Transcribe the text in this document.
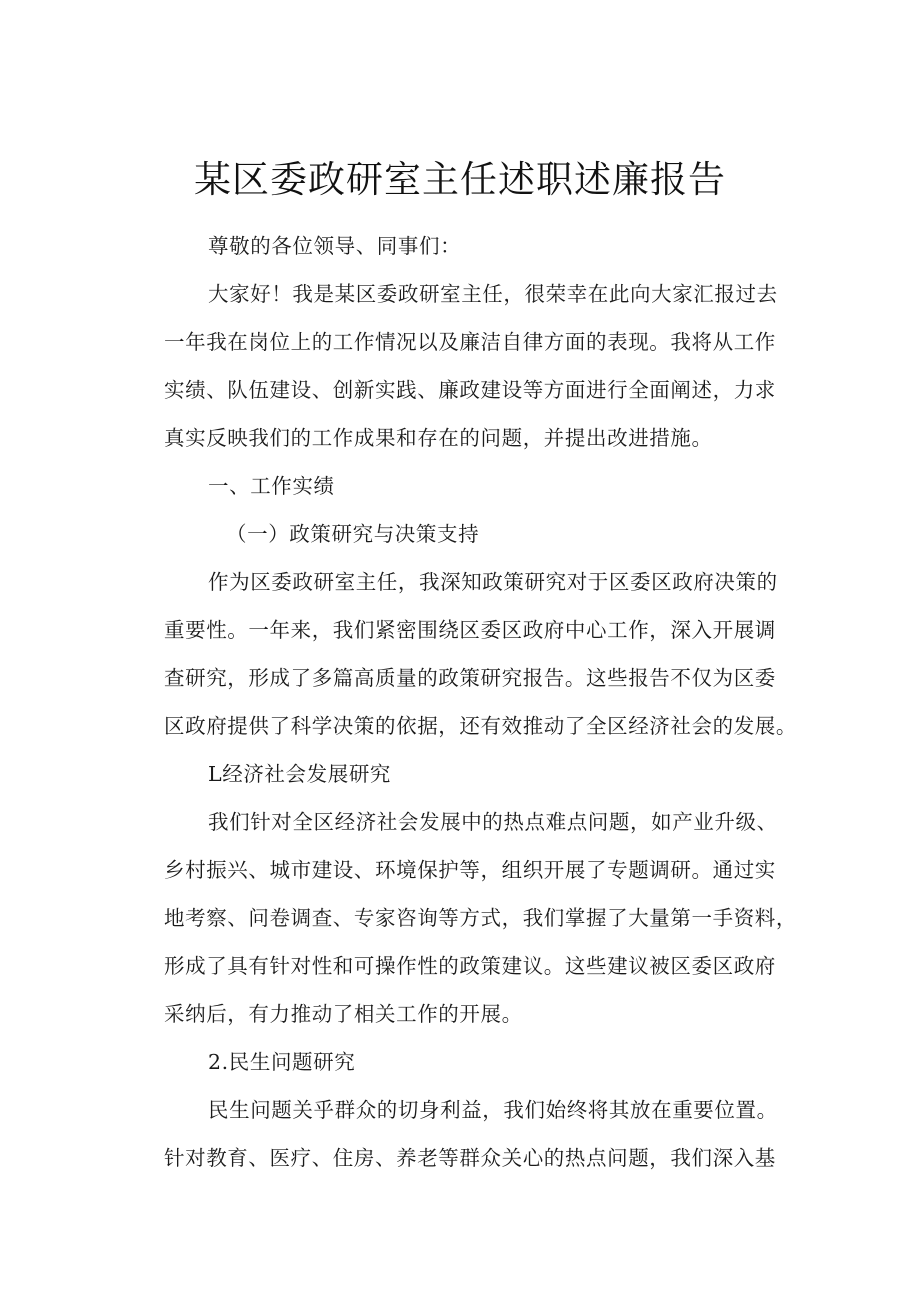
某区委政研室主任述职述廉报告
尊敬的各位领导、同事们：
大家好！我是某区委政研室主任，很荣幸在此向大家汇报过去
一年我在岗位上的工作情况以及廉洁自律方面的表现。我将从工作
实绩、队伍建设、创新实践、廉政建设等方面进行全面阐述，力求
真实反映我们的工作成果和存在的问题，并提出改进措施。
一、工作实绩
（一）政策研究与决策支持
作为区委政研室主任，我深知政策研究对于区委区政府决策的
重要性。一年来，我们紧密围绕区委区政府中心工作，深入开展调
查研究，形成了多篇高质量的政策研究报告。这些报告不仅为区委
区政府提供了科学决策的依据，还有效推动了全区经济社会的发展。
L经济社会发展研究
我们针对全区经济社会发展中的热点难点问题，如产业升级、
乡村振兴、城市建设、环境保护等，组织开展了专题调研。通过实
地考察、问卷调查、专家咨询等方式，我们掌握了大量第一手资料，
形成了具有针对性和可操作性的政策建议。这些建议被区委区政府
采纳后，有力推动了相关工作的开展。
2.民生问题研究
民生问题关乎群众的切身利益，我们始终将其放在重要位置。
针对教育、医疗、住房、养老等群众关心的热点问题，我们深入基
